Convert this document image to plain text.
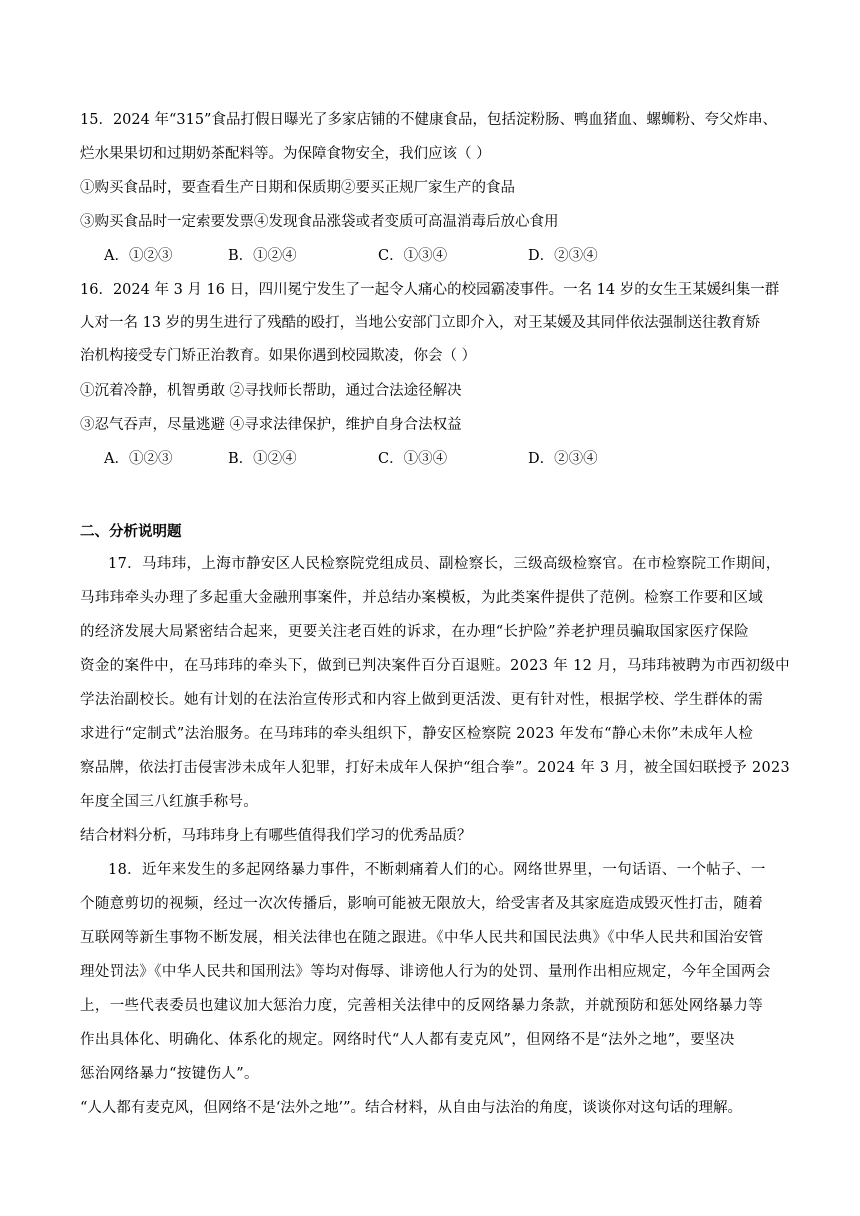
15．2024 年“315”食品打假日曝光了多家店铺的不健康食品，包括淀粉肠、鸭血猪血、螺蛳粉、夸父炸串、
烂水果果切和过期奶茶配料等。为保障食物安全，我们应该（ ）
①购买食品时，要查看生产日期和保质期②要买正规厂家生产的食品
③购买食品时一定索要发票④发现食品涨袋或者变质可高温消毒后放心食用
A．①②③	B．①②④	C．①③④	D．②③④
16．2024 年 3 月 16 日，四川冕宁发生了一起令人痛心的校园霸凌事件。一名 14 岁的女生王某媛纠集一群
人对一名 13 岁的男生进行了残酷的殴打，当地公安部门立即介入，对王某媛及其同伴依法强制送往教育矫
治机构接受专门矫正治教育。如果你遇到校园欺凌，你会（ ）
①沉着冷静，机智勇敢 ②寻找师长帮助，通过合法途径解决
③忍气吞声，尽量逃避 ④寻求法律保护，维护自身合法权益
A．①②③	B．①②④	C．①③④	D．②③④
二、分析说明题
17．马玮玮，上海市静安区人民检察院党组成员、副检察长，三级高级检察官。在市检察院工作期间，
马玮玮牵头办理了多起重大金融刑事案件，并总结办案模板，为此类案件提供了范例。检察工作要和区域
的经济发展大局紧密结合起来，更要关注老百姓的诉求，在办理“长护险”养老护理员骗取国家医疗保险
资金的案件中，在马玮玮的牵头下，做到已判决案件百分百退赃。2023 年 12 月，马玮玮被聘为市西初级中
学法治副校长。她有计划的在法治宣传形式和内容上做到更活泼、更有针对性，根据学校、学生群体的需
求进行“定制式”法治服务。在马玮玮的牵头组织下，静安区检察院 2023 年发布“静心未你”未成年人检
察品牌，依法打击侵害涉未成年人犯罪，打好未成年人保护“组合拳”。2024 年 3 月，被全国妇联授予 2023
年度全国三八红旗手称号。
结合材料分析，马玮玮身上有哪些值得我们学习的优秀品质？
18．近年来发生的多起网络暴力事件，不断刺痛着人们的心。网络世界里，一句话语、一个帖子、一
个随意剪切的视频，经过一次次传播后，影响可能被无限放大，给受害者及其家庭造成毁灭性打击，随着
互联网等新生事物不断发展，相关法律也在随之跟进。《中华人民共和国民法典》《中华人民共和国治安管
理处罚法》《中华人民共和国刑法》等均对侮辱、诽谤他人行为的处罚、量刑作出相应规定，今年全国两会
上，一些代表委员也建议加大惩治力度，完善相关法律中的反网络暴力条款，并就预防和惩处网络暴力等
作出具体化、明确化、体系化的规定。网络时代“人人都有麦克风”，但网络不是“法外之地”，要坚决
惩治网络暴力“按键伤人”。
“人人都有麦克风，但网络不是‘法外之地’”。结合材料，从自由与法治的角度，谈谈你对这句话的理解。
